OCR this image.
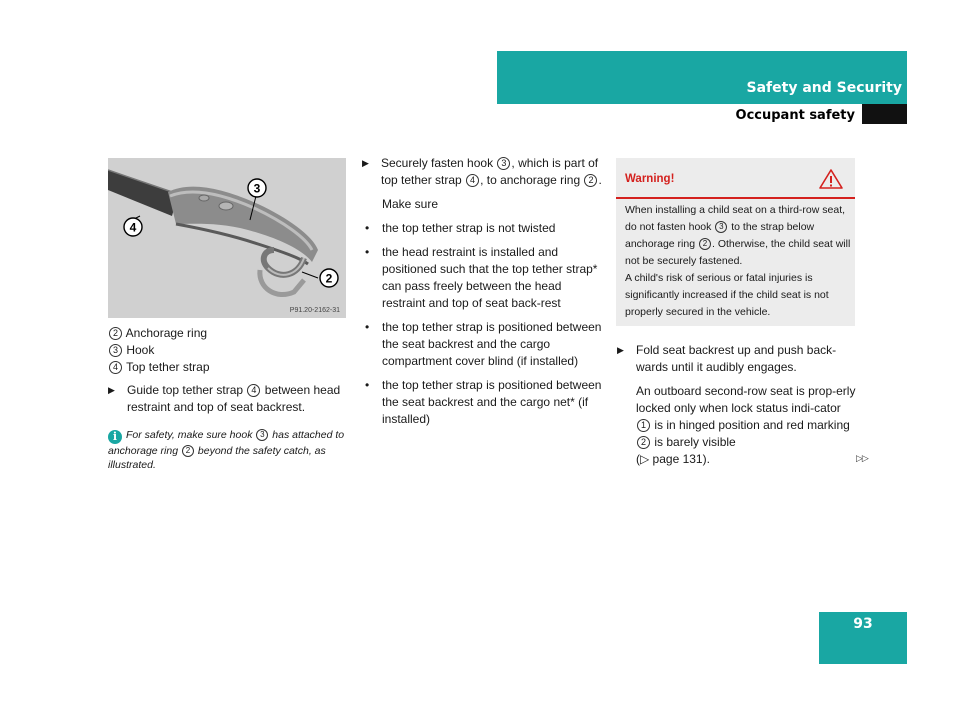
Safety and Security
Occupant safety
3
4
2
P91.20-2162-31
2 Anchorage ring
3 Hook
4 Top tether strap
▶	Guide top tether strap 4 between head restraint and top of seat backrest.
i For safety, make sure hook 3 has attached to anchorage ring 2 beyond the safety catch, as illustrated.
▶	Securely fasten hook 3 , which is part of top tether strap 4 , to anchorage ring 2 .
Make sure
• the top tether strap is not twisted
• the head restraint is installed and positioned such that the top tether strap* can pass freely between the head restraint and top of seat back-rest
• the top tether strap is positioned between the seat backrest and the cargo compartment cover blind (if installed)
• the top tether strap is positioned between the seat backrest and the cargo net* (if installed)
Warning!
When installing a child seat on a third-row seat, do not fasten hook 3 to the strap below anchorage ring 2 . Otherwise, the child seat will not be securely fastened.
A child's risk of serious or fatal injuries is significantly increased if the child seat is not properly secured in the vehicle.
▶	Fold seat backrest up and push back-wards until it audibly engages.
An outboard second-row seat is prop-erly locked only when lock status indi-cator 1 is in hinged position and red marking 2 is barely visible
(▷ page 131).	▷▷
93
